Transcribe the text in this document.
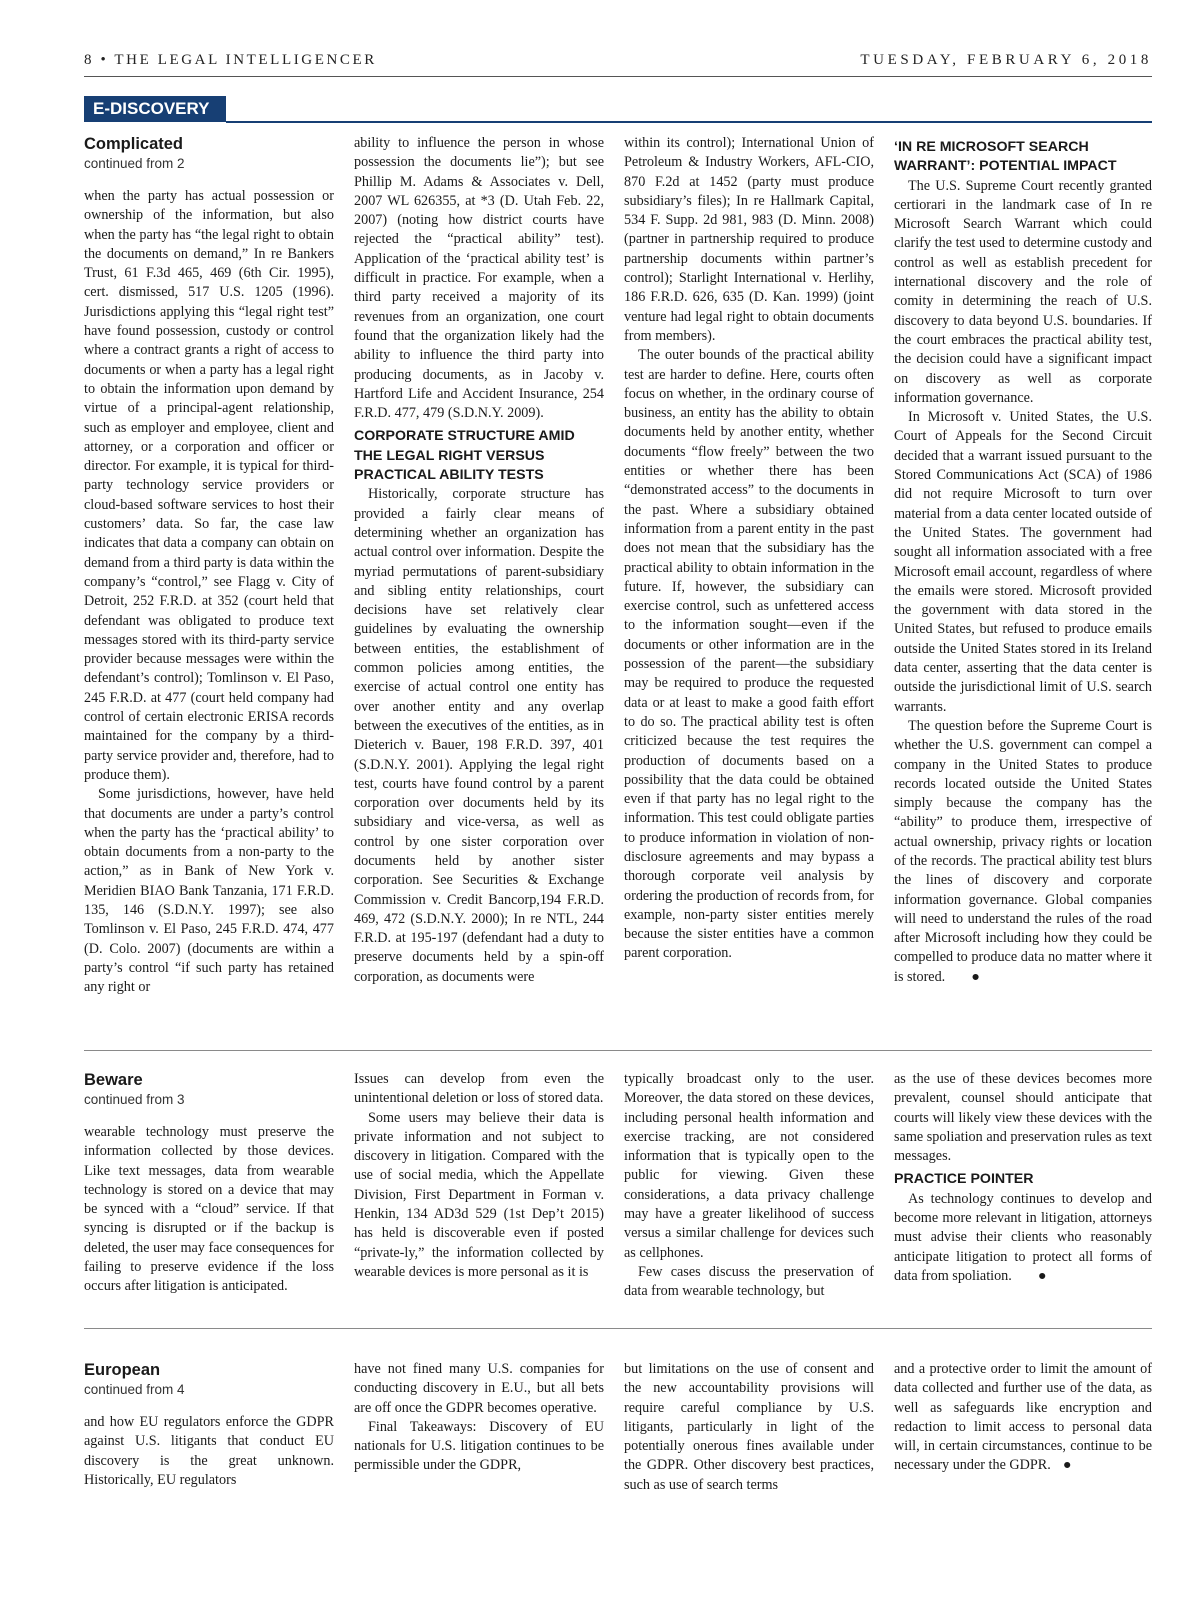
8 • THE LEGAL INTELLIGENCER	TUESDAY, FEBRUARY 6, 2018
E-DISCOVERY
Complicated
continued from 2

when the party has actual possession or ownership of the information, but also when the party has “the legal right to obtain the documents on demand,” In re Bankers Trust, 61 F.3d 465, 469 (6th Cir. 1995), cert. dismissed, 517 U.S. 1205 (1996). Jurisdictions applying this “legal right test” have found possession, custody or control where a contract grants a right of access to documents or when a party has a legal right to obtain the information upon demand by virtue of a principal-agent relationship, such as employer and employee, client and attorney, or a corporation and officer or director. For example, it is typical for third-party technology service providers or cloud-based software services to host their customers’ data. So far, the case law indicates that data a company can obtain on demand from a third party is data within the company’s “control,” see Flagg v. City of Detroit, 252 F.R.D. at 352 (court held that defendant was obligated to produce text messages stored with its third-party service provider because messages were within the defendant’s control); Tomlinson v. El Paso, 245 F.R.D. at 477 (court held company had control of certain electronic ERISA records maintained for the company by a third-party service provider and, therefore, had to produce them).

Some jurisdictions, however, have held that documents are under a party’s control when the party has the ‘practical ability’ to obtain documents from a non-party to the action,” as in Bank of New York v. Meridien BIAO Bank Tanzania, 171 F.R.D. 135, 146 (S.D.N.Y. 1997); see also Tomlinson v. El Paso, 245 F.R.D. 474, 477 (D. Colo. 2007) (documents are within a party’s control “if such party has retained any right or

ability to influence the person in whose possession the documents lie”); but see Phillip M. Adams & Associates v. Dell, 2007 WL 626355, at *3 (D. Utah Feb. 22, 2007) (noting how district courts have rejected the “practical ability” test). Application of the ‘practical ability test’ is difficult in practice. For example, when a third party received a majority of its revenues from an organization, one court found that the organization likely had the ability to influence the third party into producing documents, as in Jacoby v. Hartford Life and Accident Insurance, 254 F.R.D. 477, 479 (S.D.N.Y. 2009).

CORPORATE STRUCTURE AMID THE LEGAL RIGHT VERSUS PRACTICAL ABILITY TESTS

Historically, corporate structure has provided a fairly clear means of determining whether an organization has actual control over information. Despite the myriad permutations of parent-subsidiary and sibling entity relationships, court decisions have set relatively clear guidelines by evaluating the ownership between entities, the establishment of common policies among entities, the exercise of actual control one entity has over another entity and any overlap between the executives of the entities, as in Dieterich v. Bauer, 198 F.R.D. 397, 401 (S.D.N.Y. 2001). Applying the legal right test, courts have found control by a parent corporation over documents held by its subsidiary and vice-versa, as well as control by one sister corporation over documents held by another sister corporation. See Securities & Exchange Commission v. Credit Bancorp,194 F.R.D. 469, 472 (S.D.N.Y. 2000); In re NTL, 244 F.R.D. at 195-197 (defendant had a duty to preserve documents held by a spin-off corporation, as documents were

within its control); International Union of Petroleum & Industry Workers, AFL-CIO, 870 F.2d at 1452 (party must produce subsidiary’s files); In re Hallmark Capital, 534 F. Supp. 2d 981, 983 (D. Minn. 2008) (partner in partnership required to produce partnership documents within partner’s control); Starlight International v. Herlihy, 186 F.R.D. 626, 635 (D. Kan. 1999) (joint venture had legal right to obtain documents from members).

The outer bounds of the practical ability test are harder to define. Here, courts often focus on whether, in the ordinary course of business, an entity has the ability to obtain documents held by another entity, whether documents “flow freely” between the two entities or whether there has been “demonstrated access” to the documents in the past. Where a subsidiary obtained information from a parent entity in the past does not mean that the subsidiary has the practical ability to obtain information in the future. If, however, the subsidiary can exercise control, such as unfettered access to the information sought—even if the documents or other information are in the possession of the parent—the subsidiary may be required to produce the requested data or at least to make a good faith effort to do so. The practical ability test is often criticized because the test requires the production of documents based on a possibility that the data could be obtained even if that party has no legal right to the information. This test could obligate parties to produce information in violation of non-disclosure agreements and may bypass a thorough corporate veil analysis by ordering the production of records from, for example, non-party sister entities merely because the sister entities have a common parent corporation.

‘IN RE MICROSOFT SEARCH WARRANT’: POTENTIAL IMPACT

The U.S. Supreme Court recently granted certiorari in the landmark case of In re Microsoft Search Warrant which could clarify the test used to determine custody and control as well as establish precedent for international discovery and the role of comity in determining the reach of U.S. discovery to data beyond U.S. boundaries. If the court embraces the practical ability test, the decision could have a significant impact on discovery as well as corporate information governance.

In Microsoft v. United States, the U.S. Court of Appeals for the Second Circuit decided that a warrant issued pursuant to the Stored Communications Act (SCA) of 1986 did not require Microsoft to turn over material from a data center located outside of the United States. The government had sought all information associated with a free Microsoft email account, regardless of where the emails were stored. Microsoft provided the government with data stored in the United States, but refused to produce emails outside the United States stored in its Ireland data center, asserting that the data center is outside the jurisdictional limit of U.S. search warrants.

The question before the Supreme Court is whether the U.S. government can compel a company in the United States to produce records located outside the United States simply because the company has the “ability” to produce them, irrespective of actual ownership, privacy rights or location of the records. The practical ability test blurs the lines of discovery and corporate information governance. Global companies will need to understand the rules of the road after Microsoft including how they could be compelled to produce data no matter where it is stored. ●

Beware
continued from 3

wearable technology must preserve the information collected by those devices. Like text messages, data from wearable technology is stored on a device that may be synced with a “cloud” service. If that syncing is disrupted or if the backup is deleted, the user may face consequences for failing to preserve evidence if the loss occurs after litigation is anticipated.

Issues can develop from even the unintentional deletion or loss of stored data.

Some users may believe their data is private information and not subject to discovery in litigation. Compared with the use of social media, which the Appellate Division, First Department in Forman v. Henkin, 134 AD3d 529 (1st Dep’t 2015) has held is discoverable even if posted “private-ly,” the information collected by wearable devices is more personal as it is

typically broadcast only to the user. Moreover, the data stored on these devices, including personal health information and exercise tracking, are not considered information that is typically open to the public for viewing. Given these considerations, a data privacy challenge may have a greater likelihood of success versus a similar challenge for devices such as cellphones.

Few cases discuss the preservation of data from wearable technology, but

as the use of these devices becomes more prevalent, counsel should anticipate that courts will likely view these devices with the same spoliation and preservation rules as text messages.

PRACTICE POINTER

As technology continues to develop and become more relevant in litigation, attorneys must advise their clients who reasonably anticipate litigation to protect all forms of data from spoliation. ●

European
continued from 4

and how EU regulators enforce the GDPR against U.S. litigants that conduct EU discovery is the great unknown. Historically, EU regulators

have not fined many U.S. companies for conducting discovery in E.U., but all bets are off once the GDPR becomes operative.

Final Takeaways: Discovery of EU nationals for U.S. litigation continues to be permissible under the GDPR,

but limitations on the use of consent and the new accountability provisions will require careful compliance by U.S. litigants, particularly in light of the potentially onerous fines available under the GDPR. Other discovery best practices, such as use of search terms

and a protective order to limit the amount of data collected and further use of the data, as well as safeguards like encryption and redaction to limit access to personal data will, in certain circumstances, continue to be necessary under the GDPR. ●
